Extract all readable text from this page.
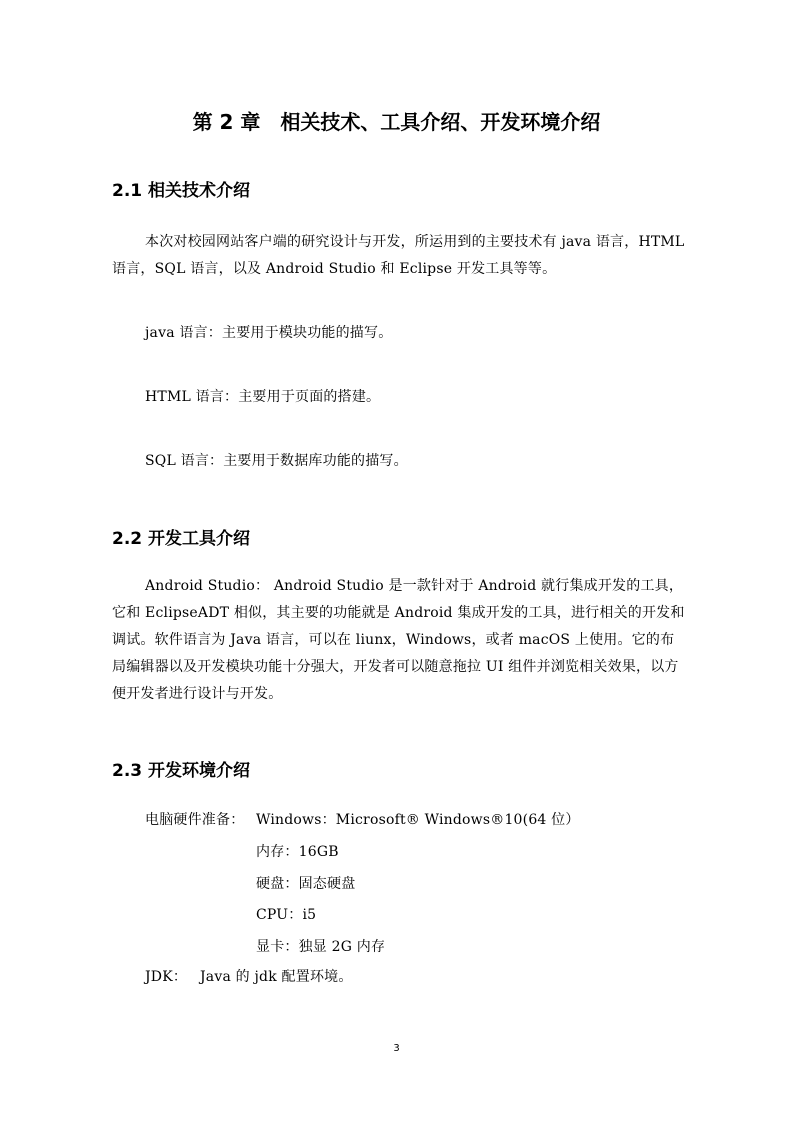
第 2 章　相关技术、工具介绍、开发环境介绍
2.1 相关技术介绍

本次对校园网站客户端的研究设计与开发，所运用到的主要技术有 java 语言，HTML 语言，SQL 语言，以及 Android Studio 和 Eclipse 开发工具等等。

java 语言：主要用于模块功能的描写。
HTML 语言：主要用于页面的搭建。
SQL 语言：主要用于数据库功能的描写。
2.2 开发工具介绍

Android Studio： Android Studio 是一款针对于 Android 就行集成开发的工具，它和 EclipseADT 相似，其主要的功能就是 Android 集成开发的工具，进行相关的开发和调试。软件语言为 Java 语言，可以在 liunx，Windows，或者 macOS 上使用。它的布局编辑器以及开发模块功能十分强大，开发者可以随意拖拉 UI 组件并浏览相关效果，以方便开发者进行设计与开发。

2.3 开发环境介绍
电脑硬件准备： Windows：Microsoft® Windows®10(64 位）
内存：16GB
硬盘：固态硬盘
CPU：i5
显卡：独显 2G 内存
JDK： Java 的 jdk 配置环境。
3
